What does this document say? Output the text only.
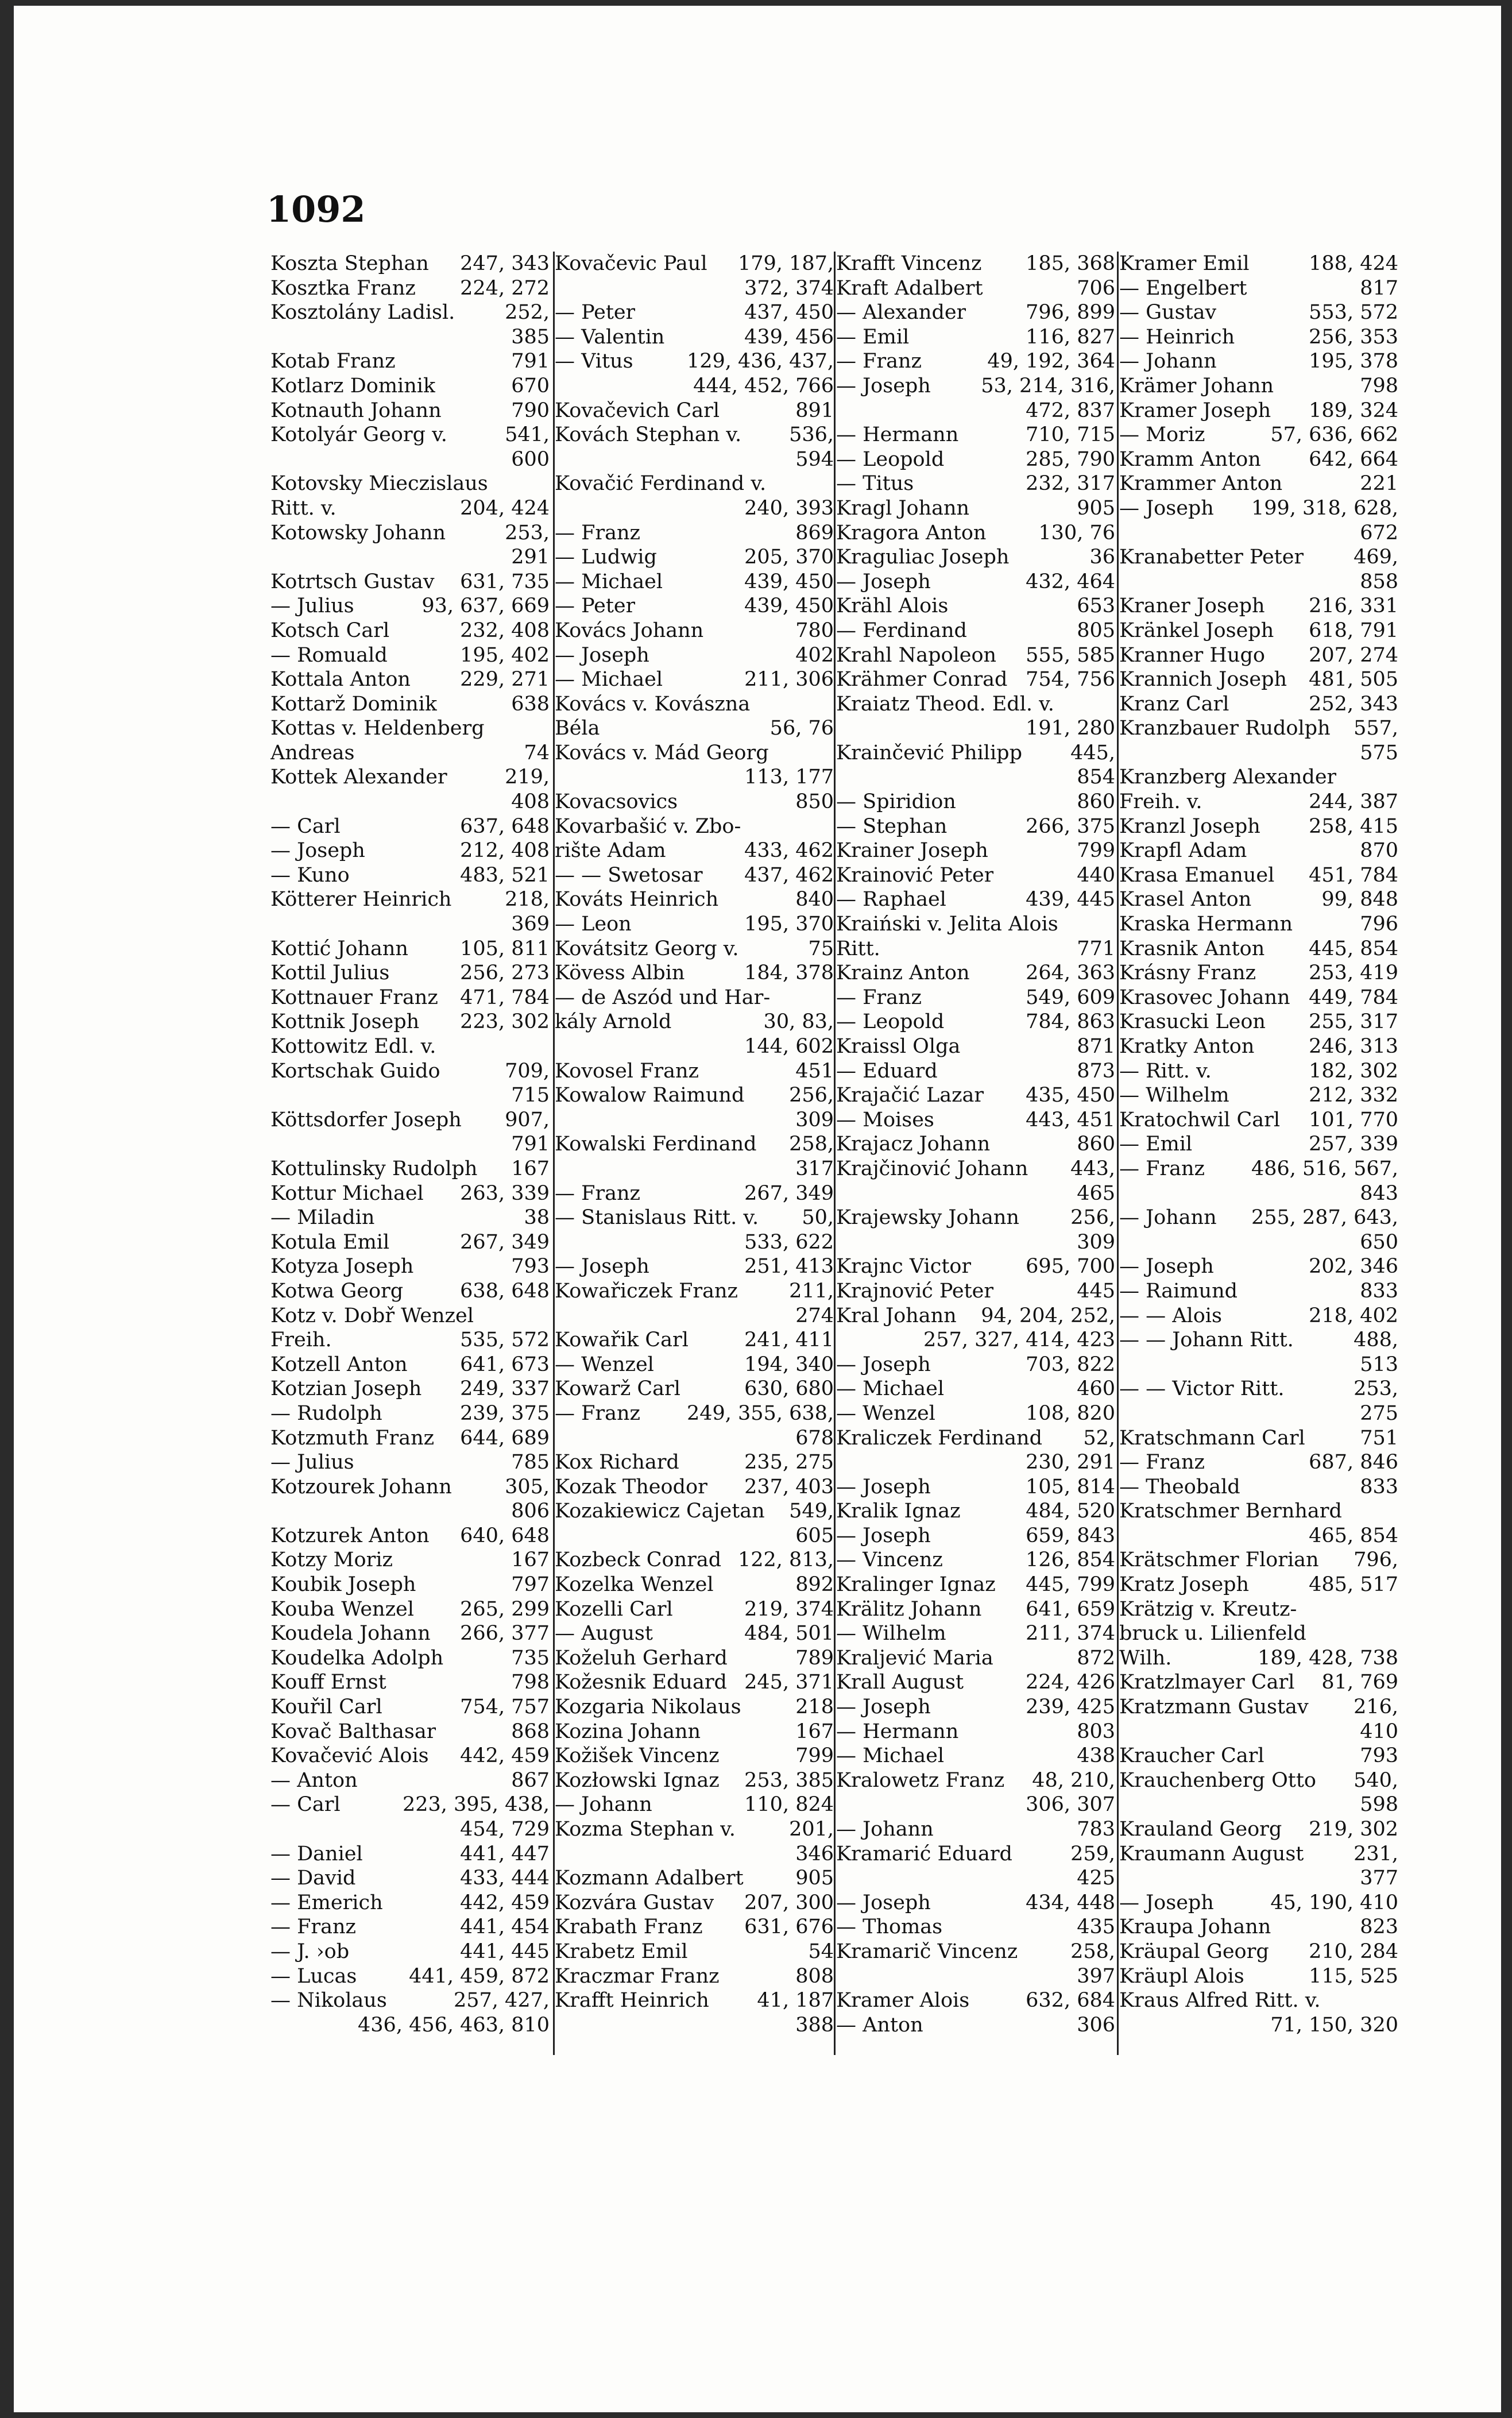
1092
Koszta Stephan 247, 343
Kosztka Franz 224, 272
Kosztolány Ladisl. 252,
385
Kotab Franz	791
Kotlarz Dominik	670
Kotnauth Johann	790
Kotolyár Georg v.	541,
600
Kotovsky Mieczislaus
Ritt. v.	204, 424
Kotowsky Johann	253,
291
Kotrtsch Gustav 631, 735
— Julius	93, 637, 669
Kotsch Carl	232, 408
— Romuald	195, 402
Kottala Anton 229, 271
Kottarž Dominik	638
Kottas v. Heldenberg
Andreas	74
Kottek Alexander	219,
408
— Carl	637, 648
— Joseph	212, 408
— Kuno	483, 521
Kötterer Heinrich	218,
369
Kottić Johann	105, 811
Kottil Julius	256, 273
Kottnauer Franz 471, 784
Kottnik Joseph 223, 302
Kottowitz Edl. v.
Kortschak Guido	709,
715
Köttsdorfer Joseph 907,
791
Kottulinsky Rudolph 167
Kottur Michael 263, 339
— Miladin	38
Kotula Emil	267, 349
Kotyza Joseph	793
Kotwa Georg	638, 648
Kotz v. Dobř Wenzel
Freih.	535, 572
Kotzell Anton	641, 673
Kotzian Joseph 249, 337
— Rudolph	239, 375
Kotzmuth Franz 644, 689
— Julius	785
Kotzourek Johann	305,
806
Kotzurek Anton 640, 648
Kotzy Moriz	167
Koubik Joseph	797
Kouba Wenzel 265, 299
Koudela Johann 266, 377
Koudelka Adolph	735
Kouff Ernst	798
Kouřil Carl	754, 757
Kovač Balthasar	868
Kovačević Alois 442, 459
— Anton	867
— Carl	223, 395, 438,
454, 729
— Daniel	441, 447
— David	433, 444
— Emerich	442, 459
— Franz	441, 454
— J. ›ob	441, 445
— Lucas	441, 459, 872
— Nikolaus	257, 427,
436, 456, 463, 810
Kovačevic Paul 179, 187,
372, 374
— Peter	437, 450
— Valentin	439, 456
— Vitus	129, 436, 437,
444, 452, 766
Kovačevich Carl	891
Kovách Stephan v. 536,
594
Kovačić Ferdinand v.
240, 393
— Franz	869
— Ludwig	205, 370
— Michael	439, 450
— Peter	439, 450
Kovács Johann	780
— Joseph	402
— Michael	211, 306
Kovács v. Kovászna
Béla	56, 76
Kovács v. Mád Georg
113, 177
Kovacsovics	850
Kovarbašić v. Zbo-
rište Adam	433, 462
— — Swetosar 437, 462
Kováts Heinrich	840
— Leon	195, 370
Kovátsitz Georg v.	75
Kövess Albin	184, 378
— de Aszód und Har-
kály Arnold	30, 83,
144, 602
Kovosel Franz	451
Kowalow Raimund 256,
309
Kowalski Ferdinand 258,
317
— Franz	267, 349
— Stanislaus Ritt. v. 50,
533, 622
— Joseph	251, 413
Kowařiczek Franz	211,
274
Kowařik Carl	241, 411
— Wenzel	194, 340
Kowarž Carl	630, 680
— Franz 249, 355, 638,
678
Kox Richard	235, 275
Kozak Theodor 237, 403
Kozakiewicz Cajetan 549,
605
Kozbeck Conrad 122, 813,
Kozelka Wenzel	892
Kozelli Carl	219, 374
— August	484, 501
Koželuh Gerhard	789
Kožesnik Eduard 245, 371
Kozgaria Nikolaus	218
Kozina Johann	167
Kožišek Vincenz	799
Kozłowski Ignaz 253, 385
— Johann	110, 824
Kozma Stephan v.	201,
346
Kozmann Adalbert	905
Kozvára Gustav 207, 300
Krabath Franz 631, 676
Krabetz Emil	54
Kraczmar Franz	808
Krafft Heinrich 41, 187
388
Krafft Vincenz 185, 368
Kraft Adalbert	706
— Alexander	796, 899
— Emil	116, 827
— Franz	49, 192, 364
— Joseph 53, 214, 316,
472, 837
— Hermann	710, 715
— Leopold	285, 790
— Titus	232, 317
Kragl Johann	905
Kragora Anton	130, 76
Kraguliac Joseph	36
— Joseph	432, 464
Krähl Alois	653
— Ferdinand	805
Krahl Napoleon 555, 585
Krähmer Conrad 754, 756
Kraiatz Theod. Edl. v.
191, 280
Krainčević Philipp 445,
854
— Spiridion	860
— Stephan	266, 375
Krainer Joseph	799
Krainović Peter	440
— Raphael	439, 445
Kraiński v. Jelita Alois
Ritt.	771
Krainz Anton	264, 363
— Franz	549, 609
— Leopold	784, 863
Kraissl Olga	871
— Eduard	873
Krajačić Lazar 435, 450
— Moises	443, 451
Krajacz Johann	860
Krajčinović Johann 443,
465
Krajewsky Johann	256,
309
Krajnc Victor	695, 700
Krajnović Peter	445
Kral Johann 94, 204, 252,
257, 327, 414, 423
— Joseph	703, 822
— Michael	460
— Wenzel	108, 820
Kraliczek Ferdinand 52,
230, 291
— Joseph	105, 814
Kralik Ignaz	484, 520
— Joseph	659, 843
— Vincenz	126, 854
Kralinger Ignaz 445, 799
Krälitz Johann 641, 659
— Wilhelm	211, 374
Kraljević Maria	872
Krall August	224, 426
— Joseph	239, 425
— Hermann	803
— Michael	438
Kralowetz Franz 48, 210,
306, 307
— Johann	783
Kramarić Eduard	259,
425
— Joseph	434, 448
— Thomas	435
Kramarič Vincenz	258,
397
Kramer Alois	632, 684
— Anton	306
Kramer Emil	188, 424
— Engelbert	817
— Gustav	553, 572
— Heinrich	256, 353
— Johann	195, 378
Krämer Johann	798
Kramer Joseph 189, 324
— Moriz	57, 636, 662
Kramm Anton 642, 664
Krammer Anton	221
— Joseph 199, 318, 628,
672
Kranabetter Peter 469,
858
Kraner Joseph 216, 331
Kränkel Joseph 618, 791
Kranner Hugo 207, 274
Krannich Joseph 481, 505
Kranz Carl	252, 343
Kranzbauer Rudolph 557,
575
Kranzberg Alexander
Freih. v.	244, 387
Kranzl Joseph 258, 415
Krapfl Adam	870
Krasa Emanuel 451, 784
Krasel Anton	99, 848
Kraska Hermann	796
Krasnik Anton 445, 854
Krásny Franz	253, 419
Krasovec Johann 449, 784
Krasucki Leon 255, 317
Kratky Anton	246, 313
— Ritt. v.	182, 302
— Wilhelm	212, 332
Kratochwil Carl 101, 770
— Emil	257, 339
— Franz 486, 516, 567,
843
— Johann 255, 287, 643,
650
— Joseph	202, 346
— Raimund	833
— — Alois	218, 402
— — Johann Ritt.	488,
513
— — Victor Ritt.	253,
275
Kratschmann Carl	751
— Franz	687, 846
— Theobald	833
Kratschmer Bernhard
465, 854
Krätschmer Florian 796,
Kratz Joseph	485, 517
Krätzig v. Kreutz-
bruck u. Lilienfeld
Wilh.	189, 428, 738
Kratzlmayer Carl 81, 769
Kratzmann Gustav 216,
410
Kraucher Carl	793
Krauchenberg Otto 540,
598
Krauland Georg 219, 302
Kraumann August 231,
377
— Joseph	45, 190, 410
Kraupa Johann	823
Kräupal Georg 210, 284
Kräupl Alois	115, 525
Kraus Alfred Ritt. v.
71, 150, 320
